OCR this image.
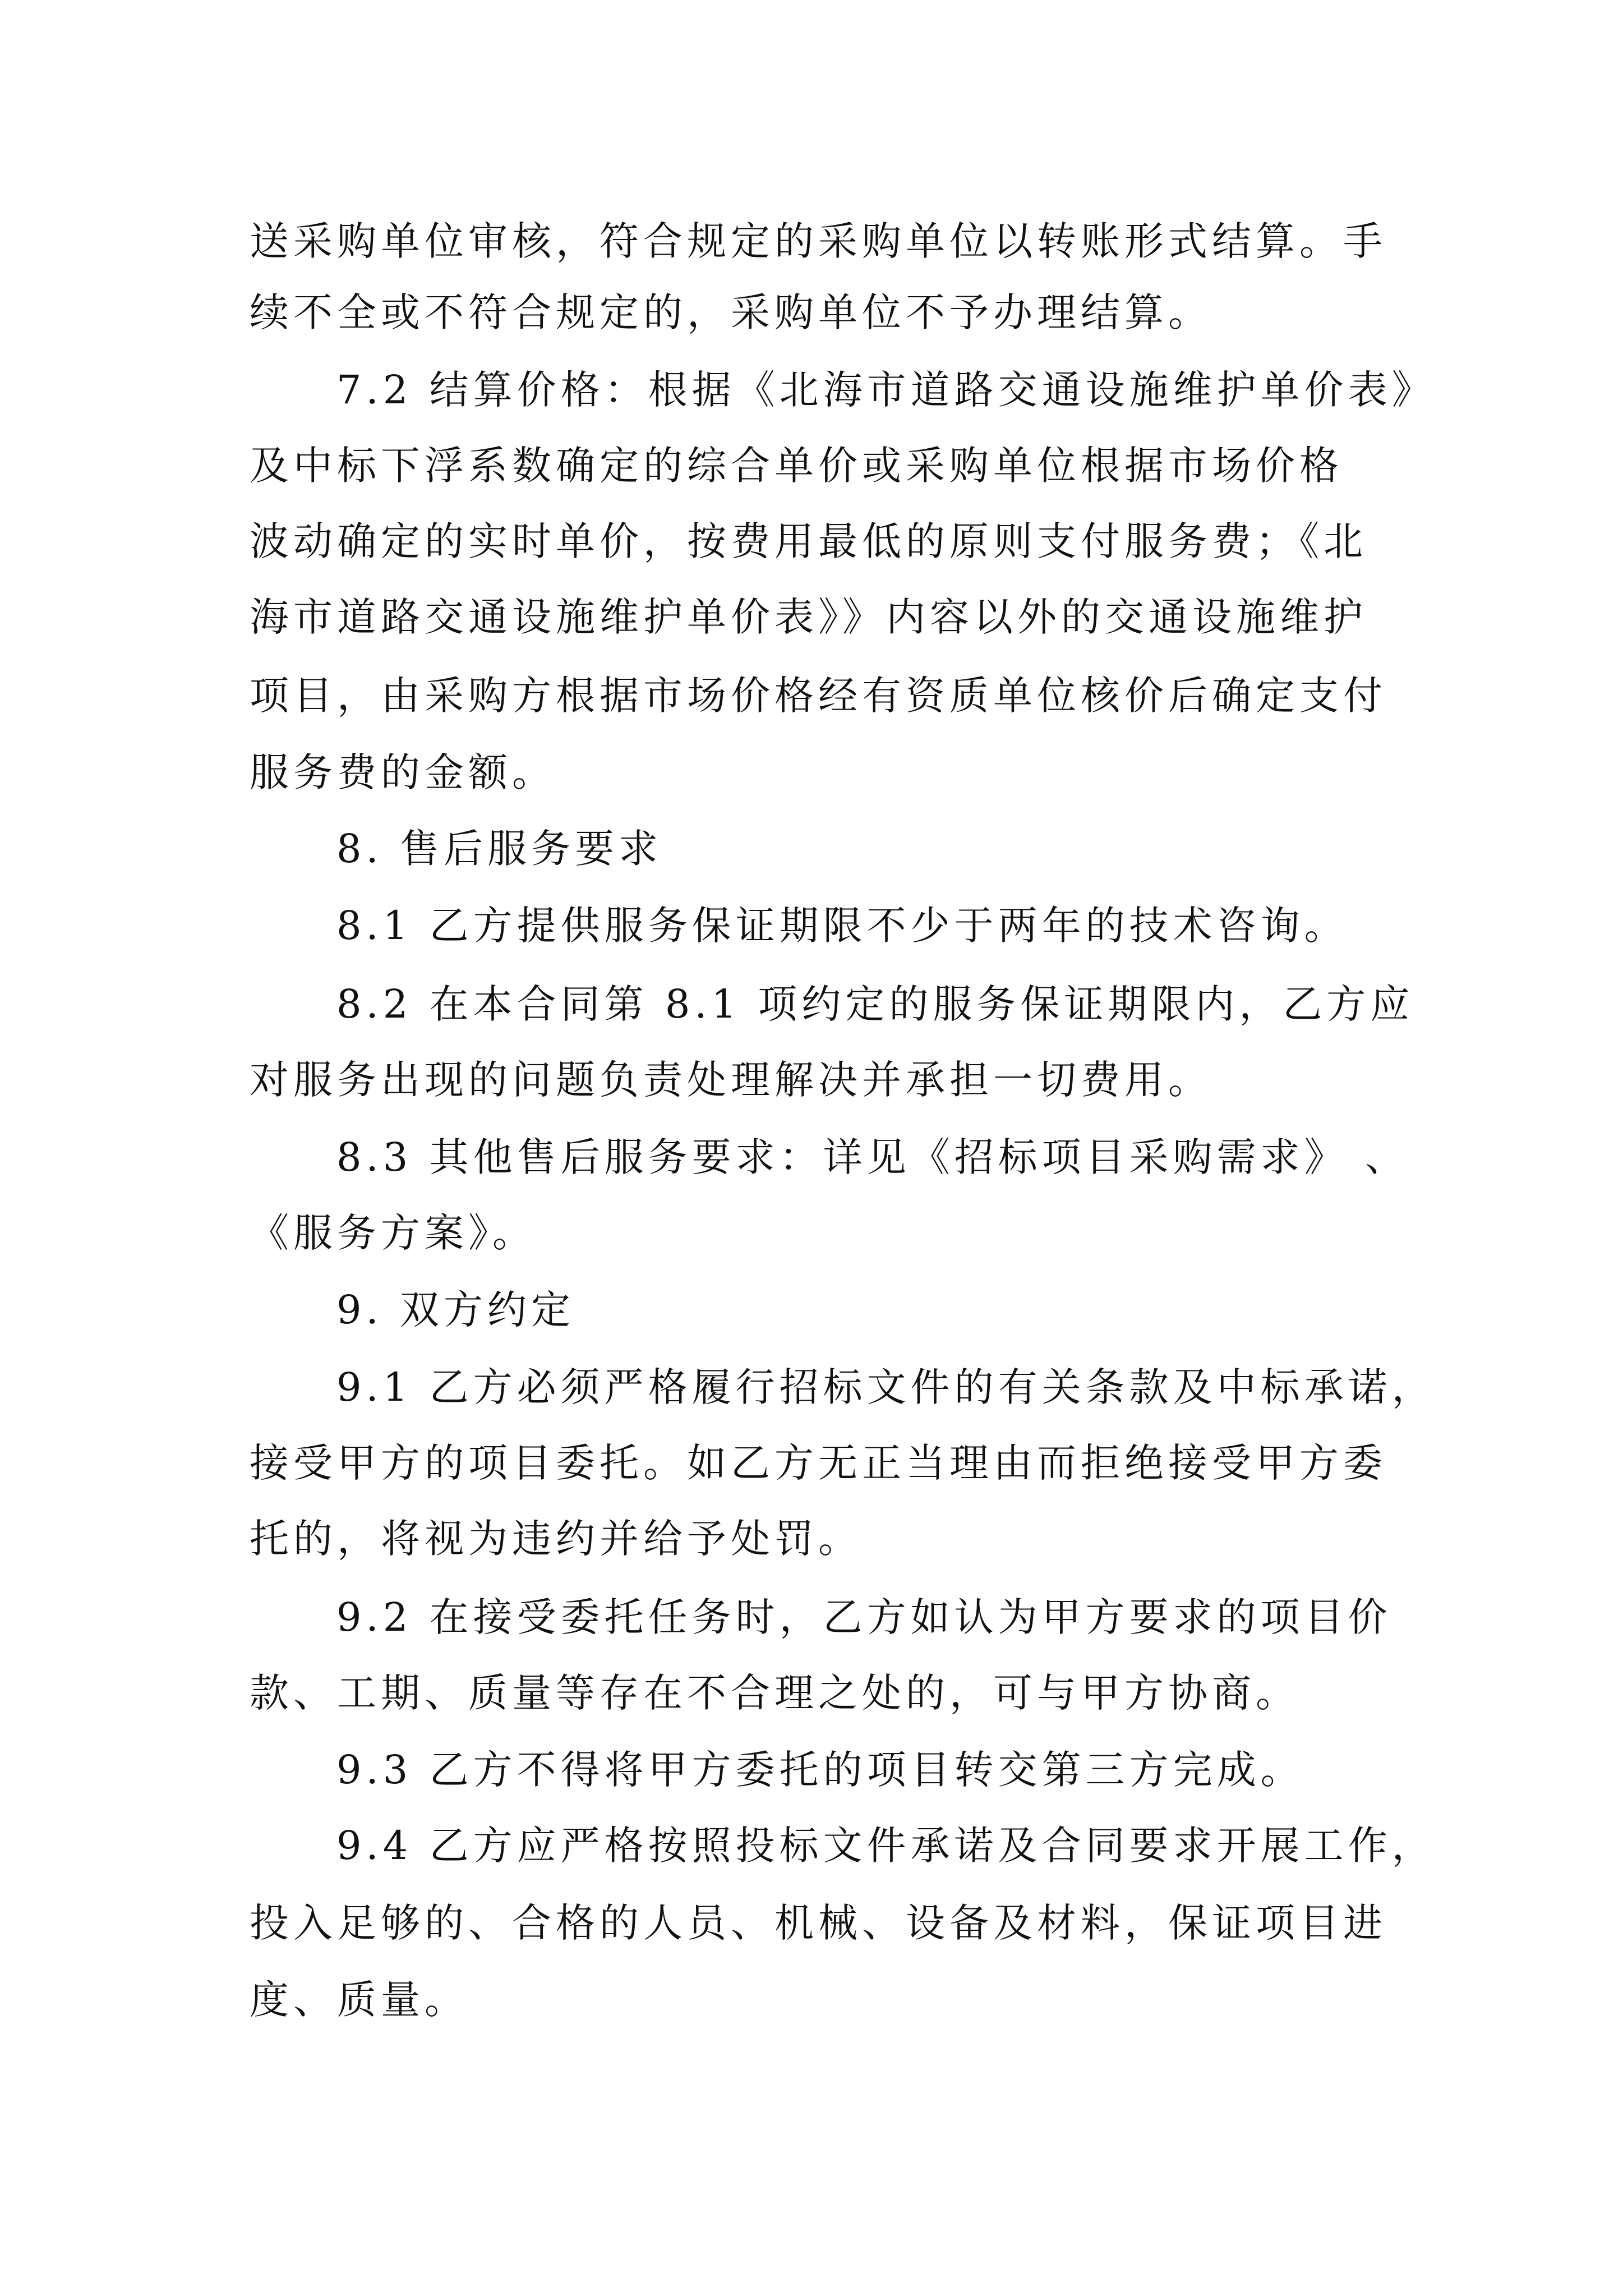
送采购单位审核，符合规定的采购单位以转账形式结算。手

续不全或不符合规定的，采购单位不予办理结算。

7.2 结算价格：根据《北海市道路交通设施维护单价表》

及中标下浮系数确定的综合单价或采购单位根据市场价格

波动确定的实时单价，按费用最低的原则支付服务费；《北

海市道路交通设施维护单价表》》内容以外的交通设施维护

项目，由采购方根据市场价格经有资质单位核价后确定支付

服务费的金额。

8. 售后服务要求

8.1 乙方提供服务保证期限不少于两年的技术咨询。

8.2 在本合同第 8.1 项约定的服务保证期限内，乙方应

对服务出现的问题负责处理解决并承担一切费用。

8.3 其他售后服务要求：详见《招标项目采购需求》 、

《服务方案》。

9. 双方约定

9.1 乙方必须严格履行招标文件的有关条款及中标承诺，

接受甲方的项目委托。如乙方无正当理由而拒绝接受甲方委

托的，将视为违约并给予处罚。

9.2 在接受委托任务时，乙方如认为甲方要求的项目价

款、工期、质量等存在不合理之处的，可与甲方协商。

9.3 乙方不得将甲方委托的项目转交第三方完成。

9.4 乙方应严格按照投标文件承诺及合同要求开展工作，

投入足够的、合格的人员、机械、设备及材料，保证项目进

度、质量。
